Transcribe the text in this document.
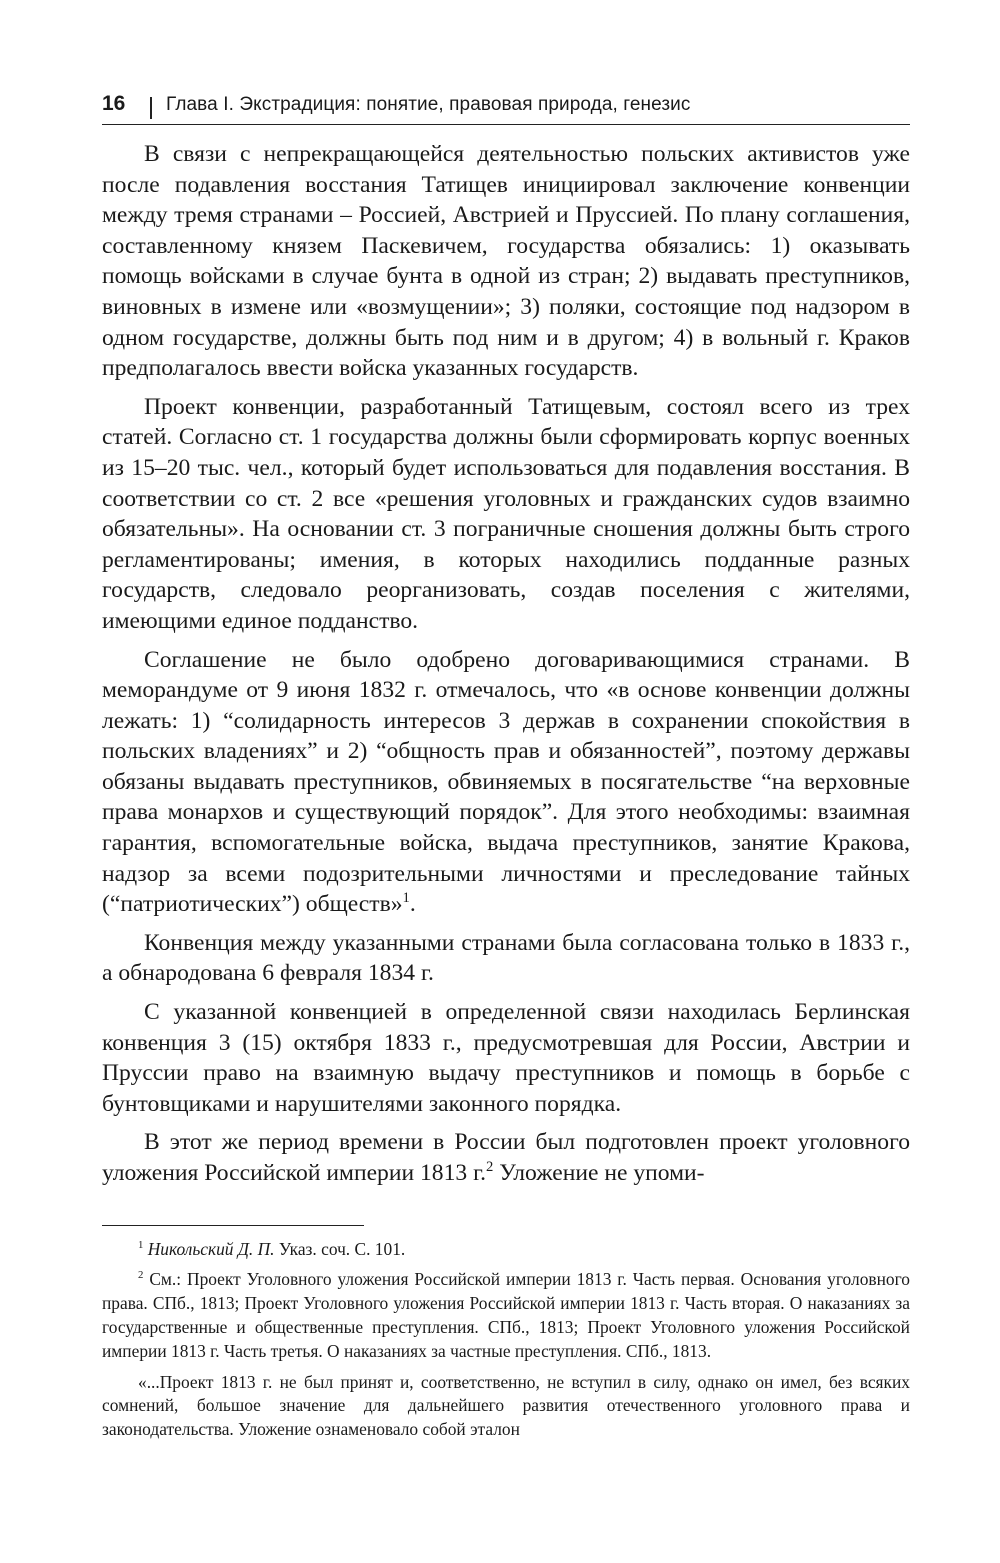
16	Глава I. Экстрадиция: понятие, правовая природа, генезис

В связи с непрекращающейся деятельностью польских активистов уже после подавления восстания Татищев инициировал заключение конвенции между тремя странами – Россией, Австрией и Пруссией. По плану соглашения, составленному князем Паскевичем, государства обязались: 1) оказывать помощь войсками в случае бунта в одной из стран; 2) выдавать преступников, виновных в измене или «возмущении»; 3) поляки, состоящие под надзором в одном государстве, должны быть под ним и в другом; 4) в вольный г. Краков предполагалось ввести войска указанных государств.

Проект конвенции, разработанный Татищевым, состоял всего из трех статей. Согласно ст. 1 государства должны были сформировать корпус военных из 15–20 тыс. чел., который будет использоваться для подавления восстания. В соответствии со ст. 2 все «решения уголовных и гражданских судов взаимно обязательны». На основании ст. 3 пограничные сношения должны быть строго регламентированы; имения, в которых находились подданные разных государств, следовало реорганизовать, создав поселения с жителями, имеющими единое подданство.

Соглашение не было одобрено договаривающимися странами. В меморандуме от 9 июня 1832 г. отмечалось, что «в основе конвенции должны лежать: 1) “солидарность интересов 3 держав в сохранении спокойствия в польских владениях” и 2) “общность прав и обязанностей”, поэтому державы обязаны выдавать преступников, обвиняемых в посягательстве “на верховные права монархов и существующий порядок”. Для этого необходимы: взаимная гарантия, вспомогательные войска, выдача преступников, занятие Кракова, надзор за всеми подозрительными личностями и преследование тайных (“патриотических”) обществ»$^1$.

Конвенция между указанными странами была согласована только в 1833 г., а обнародована 6 февраля 1834 г.

С указанной конвенцией в определенной связи находилась Берлинская конвенция 3 (15) октября 1833 г., предусмотревшая для России, Австрии и Пруссии право на взаимную выдачу преступников и помощь в борьбе с бунтовщиками и нарушителями законного порядка.

В этот же период времени в России был подготовлен проект уголовного уложения Российской империи 1813 г.$^2$ Уложение не упоми-

$^1$ Никольский Д. П. Указ. соч. С. 101.

$^2$ См.: Проект Уголовного уложения Российской империи 1813 г. Часть первая. Основания уголовного права. СПб., 1813; Проект Уголовного уложения Российской империи 1813 г. Часть вторая. О наказаниях за государственные и общественные преступления. СПб., 1813; Проект Уголовного уложения Российской империи 1813 г. Часть третья. О наказаниях за частные преступления. СПб., 1813.

«...Проект 1813 г. не был принят и, соответственно, не вступил в силу, однако он имел, без всяких сомнений, большое значение для дальнейшего развития отечественного уголовного права и законодательства. Уложение ознаменовало собой эталон
